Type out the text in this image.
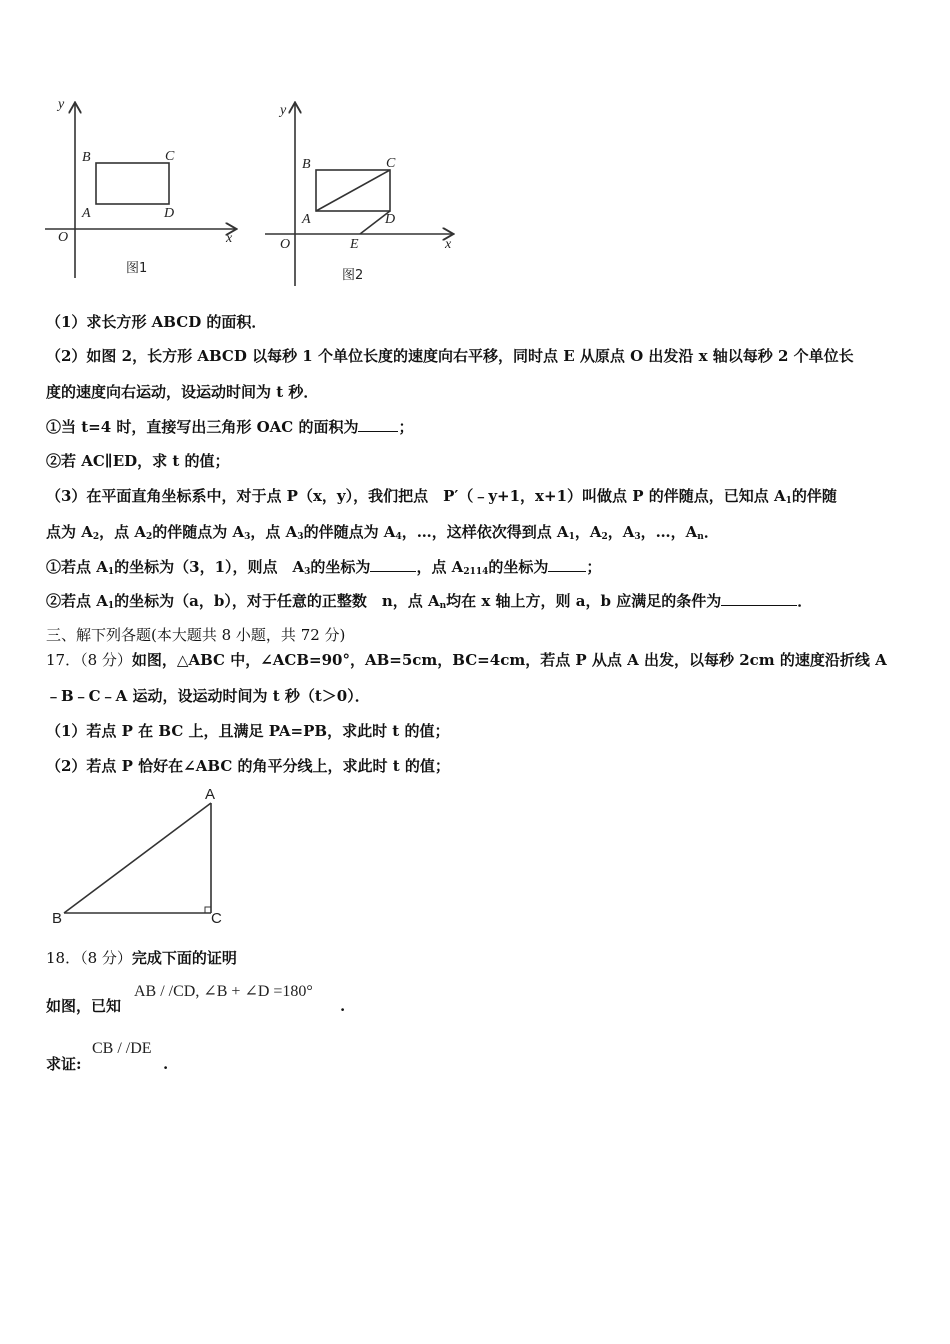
y
x
O
B	C
A	D
图1
y
x
O
B	C
A	D
E
图2
（1）求长方形 ABCD 的面积．
（2）如图 2，长方形 ABCD 以每秒 1 个单位长度的速度向右平移，同时点 E 从原点 O 出发沿 x 轴以每秒 2 个单位长
度的速度向右运动，设运动时间为 t 秒．
①当 t=4 时，直接写出三角形 OAC 的面积为	；
②若 AC∥ED，求 t 的值；
（3）在平面直角坐标系中，对于点 P（x，y），我们把点　P′（﹣y+1，x+1）叫做点 P 的伴随点，已知点 $A_1$的伴随
点为 $A_2$，点 $A_2$的伴随点为 $A_3$，点 $A_3$的伴随点为 $A_4$，…，这样依次得到点 $A_1$，$A_2$，$A_3$，…，$A_n$．
①若点 $A_1$的坐标为（3，1），则点　$A_3$的坐标为	，点 $A_{2114}$的坐标为	；
②若点 $A_1$的坐标为（a，b），对于任意的正整数　n，点 $A_n$均在 x 轴上方，则 a，b 应满足的条件为	．
三、解下列各题(本大题共 8 小题，共 72 分)
17．（8 分）如图，△ABC 中，∠ACB=90°，AB=5cm，BC=4cm，若点 P 从点 A 出发，以每秒 2cm 的速度沿折线 A
﹣B﹣C﹣A 运动，设运动时间为 t 秒（t＞0）．
（1）若点 P 在 BC 上，且满足 PA=PB，求此时 t 的值；
（2）若点 P 恰好在∠ABC 的角平分线上，求此时 t 的值；
A
B	C
18．（8 分）完成下面的证明
如图，已知
AB / /CD, ∠B + ∠D =180°
.
求证:
CB / /DE
.
